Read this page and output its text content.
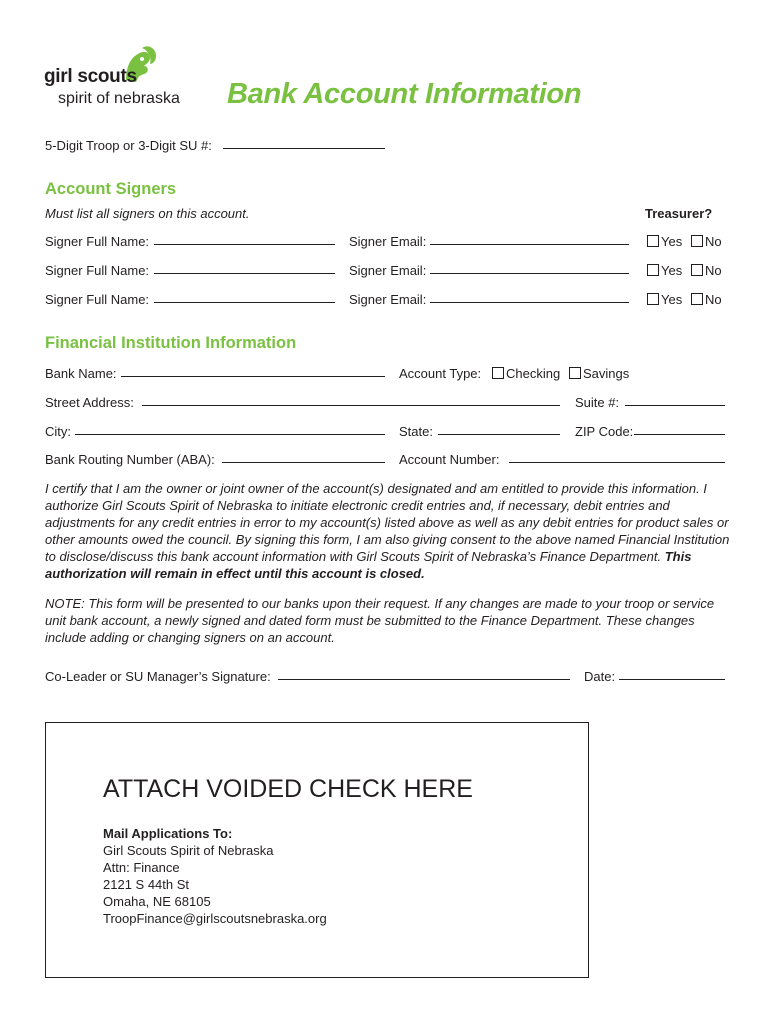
girl scouts
spirit of nebraska Bank Account Information
5-Digit Troop or 3-Digit SU #:
Account Signers
Must list all signers on this account.	Treasurer?
Signer Full Name:	Signer Email:	Yes	No
Signer Full Name:	Signer Email:	Yes	No
Signer Full Name:	Signer Email:	Yes	No
Financial Institution Information
Bank Name:	Account Type:	Checking	Savings
Street Address:	Suite #:
City:	State:	ZIP Code:
Bank Routing Number (ABA):	Account Number:
I certify that I am the owner or joint owner of the account(s) designated and am entitled to provide this information. I authorize Girl Scouts Spirit of Nebraska to initiate electronic credit entries and, if necessary, debit entries and adjustments for any credit entries in error to my account(s) listed above as well as any debit entries for product sales or other amounts owed the council. By signing this form, I am also giving consent to the above named Financial Institution to disclose/discuss this bank account information with Girl Scouts Spirit of Nebraska’s Finance Department. This authorization will remain in effect until this account is closed.
NOTE: This form will be presented to our banks upon their request. If any changes are made to your troop or service unit bank account, a newly signed and dated form must be submitted to the Finance Department. These changes include adding or changing signers on an account.
Co-Leader or SU Manager’s Signature:	Date:
ATTACH VOIDED CHECK HERE
Mail Applications To:
Girl Scouts Spirit of Nebraska
Attn: Finance
2121 S 44th St
Omaha, NE 68105
TroopFinance@girlscoutsnebraska.org
